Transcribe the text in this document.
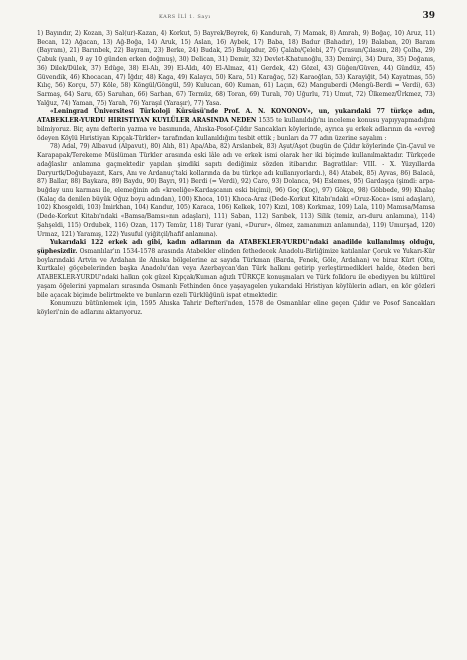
KARS İLİ 1. Sayı	39

1) Bayındır, 2) Kozan, 3) Sal(ur)-Kazan, 4) Korkut, 5) Bayrek/Beyrek, 6) Kandurah, 7) Mamak, 8) Amrah, 9) Boğaç, 10) Aruz, 11) Becan, 12) Ağacan, 13) Ağ-Boğa, 14) Aruk, 15) Aslan, 16) Aybek, 17) Baba, 18) Badur (Bahadır), 19) Balaban, 20) Baram (Bayram), 21) Barınbek, 22) Bayram, 23) Berke, 24) Budak, 25) Bulgadur, 26) Çalabı/Çelebi, 27) Çırasun/Çılasun, 28) Çolha, 29) Çabuk (yanlı, 9 ay 10 günden erken doğmuş), 30) Delican, 31) Demir, 32) Devlet-Khatunoğlu, 33) Demirçi, 34) Dura, 35) Doğanıs, 36) Dilek/Dülek, 37) Edüge, 38) El-Alı, 39) El-Aldı, 40) El-Almaz, 41) Gerdek, 42) Gözel, 43) Güğen/Güven, 44) Gündüz, 45) Güvendik, 46) Khocacan, 47) İğdır, 48) Kaga, 49) Kalaycı, 50) Kara, 51) Karağaç, 52) Karaoğlan, 53) Karayiğit, 54) Kayatmas, 55) Kılıç, 56) Korçu, 57) Köle, 58) Köngül/Göngül, 59) Kulucan, 60) Kuman, 61) Laçın, 62) Manguberdi (Mengü-Berdi = Verdi), 63) Sarmaş, 64) Saru, 65) Saruhan, 66) Sarhan, 67) Termüz, 68) Toran, 69) Turalı, 70) Uğurlu, 71) Umut, 72) Ülkemez/Ürkmez, 73) Yalğuz, 74) Yaman, 75) Yarah, 76) Yaraşıl (Yaraşır), 77) Yasa.

«Leningrad Üniversitesi Türkoloji Kürsüsü'nde Prof. A. N. KONONOV», un, yukarıdaki 77 türkçe adın, ATABEKLER-YURDU HIRISTIYAN KUYLÜLER ARASINDA NEDEN 1535 te kullanıldığı'nı inceleme konusu yapıyyapmadığını bilmiyoruz. Bir, aynı defterin yazma ve basımında, Ahıska-Posof-Çıldır Sancakları köylerinde, ayrıca şu erkek adlarının da «evreğ ödeyen Köylü Hıristiyan Kıpçak-Türkler» tarafından kullanıldığını tesbit ettik ; bunları da 77 adın üzerine sayalım :

78) Adal, 79) Albavud (Alpavut), 80) Alıh, 81) Apa/Aba, 82) Arslanbek, 83) Aşut/Aşot (bugün de Çıldır köylerinde Çin-Çavul ve Karapapak/Terekeme Müslüman Türkler arasında eski lâle adı ve erkek ismi olarak her iki biçimde kullanılmaktadır. Türkçede adağlaslır anlamına gaçmektedir yapılan şimdiki sapıtı dediğimiz sözden itibarıdır. Bagratlılar: VIII. - X. Yüzyıllarda Daryurtk/Doğubayazıt, Kars, Anı ve Ardanuç'taki kollarında da bu türkçe adı kullanıyorlardı.), 84) Atabek, 85) Ayvas, 86) Balacâ, 87) Ballar, 88) Baykara, 89) Baydu, 90) Bayrı, 91) Berdi (= Verdi), 92) Caro, 93) Dolanca, 94) Eslemes, 95) Gardaşça (şimdi: arpa-buğday unu karması ile, elemeğinin adı «kreeliğe»Kardaşcanın eski biçimi), 96) Goç (Koç), 97) Gökçe, 98) Göbbede, 99) Khalaç (Kalaç da denilen büyük Oğuz boyu adından), 100) Khoca, 101) Khoca-Araz (Dede-Korkut Kitabı'ndaki «Oruz-Koca» ismi adaşları), 102) Khosgeldi, 103) İmirkhan, 104) Kandur, 105) Karaca, 106) Kelkek, 107) Kızıl, 108) Korkmaz, 109) Lala, 110) Mamısa/Mamsa (Dede-Korkut Kitabı'ndaki «Bamsa/Bamsı»nın adaşları), 111) Saban, 112) Sarıbek, 113) Silik (temiz, arı-duru anlamına), 114) Şahşeldi, 115) Ordubek, 116) Ozan, 117) Temür, 118) Turar (yani, «Durur», ölmez, zamanımızı anlamında), 119) Umurşad, 120) Urmaz, 121) Yaramış, 122) Yusuful (yiğitçil/hafif anlamına).

Yukarıdaki 122 erkek adı gibi, kadın adlarının da ATABEKLER-YURDU'ndaki anadilde kullanılmış olduğu, şüphesizdir. Osmanlılar'ın 1534-1578 arasında Atabekler elinden fethedecek Anadolu-Birliğimize katılanlar Çoruk ve Yukarı-Kür boylarındaki Artvin ve Ardahan ile Ahıska bölgelerine az sayıda Türkman (Barda, Fenek, Göle, Ardahan) ve biraz Kürt (Oltu, Kurtkale) göçebelerinden başka Anadolu'dan veya Azerbaycan'dan Türk halkını getirip yerleştirmedikleri halde, öteden beri ATABEKLER-YURDU'ndaki halkın çok güzel Kıpçak/Kuman ağızlı TÜRKÇE konuşmaları ve Türk folkloru ile ebediyyen bu kültürel yaşam öğelerini yapmaları sırasında Osmanlı Fethinden önce yaşayagelen yukarıdaki Hristiyan köylülerin adları, en kör gözleri bile açacak biçimde belirtmekte ve bunların ezeli Türklüğünü ispat etmektedir.

Konumuzu bütünlemek için, 1595 Ahıska Tahrir Defteri'nden, 1578 de Osmanlılar eline geçen Çıldır ve Posof Sancakları köyleri'nin de adlarını aktarıyoruz.
